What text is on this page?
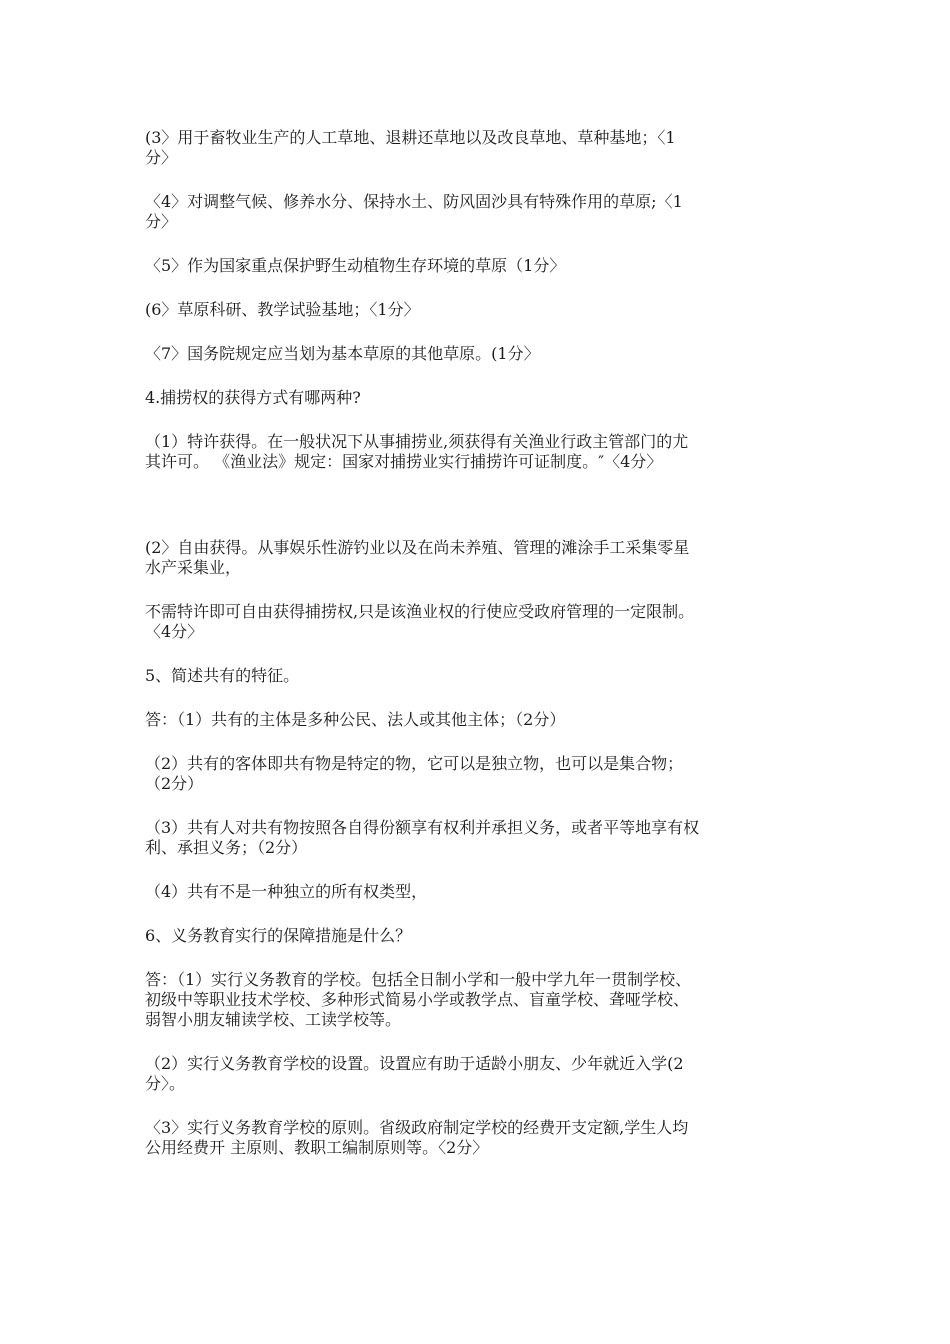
(3〉用于畜牧业生产的人工草地、退耕还草地以及改良草地、草种基地；〈1
分〉

〈4〉对调整气候、修养水分、保持水土、防风固沙具有特殊作用的草原;〈1
分〉

〈5〉作为国家重点保护野生动植物生存环境的草原（1分〉

(6〉草原科研、教学试验基地；〈1分〉

〈7〉国务院规定应当划为基本草原的其他草原。(1分〉

4.捕捞权的获得方式有哪两种?

（1）特许获得。在一般状况下从事捕捞业,须获得有关渔业行政主管部门的尤
其许可。 《渔业法》规定：国家对捕捞业实行捕捞许可证制度。″〈4分〉

(2〉自由获得。从事娱乐性游钓业以及在尚未养殖、管理的滩涂手工采集零星
水产采集业，

不需特许即可自由获得捕捞权,只是该渔业权的行使应受政府管理的一定限制。
〈4分〉

5、简述共有的特征。

答：（1）共有的主体是多种公民、法人或其他主体；（2分）

（2）共有的客体即共有物是特定的物，它可以是独立物，也可以是集合物；
（2分）

（3）共有人对共有物按照各自得份额享有权利并承担义务，或者平等地享有权
利、承担义务；（2分）

（4）共有不是一种独立的所有权类型，

6、义务教育实行的保障措施是什么？

答：（1）实行义务教育的学校。包括全日制小学和一般中学九年一贯制学校、
初级中等职业技术学校、多种形式简易小学或教学点、盲童学校、聋哑学校、
弱智小朋友辅读学校、工读学校等。

（2）实行义务教育学校的设置。设置应有助于适龄小朋友、少年就近入学(2
分〉。

〈3〉实行义务教育学校的原则。省级政府制定学校的经费开支定额,学生人均
公用经费开 主原则、教职工编制原则等。〈2分〉
